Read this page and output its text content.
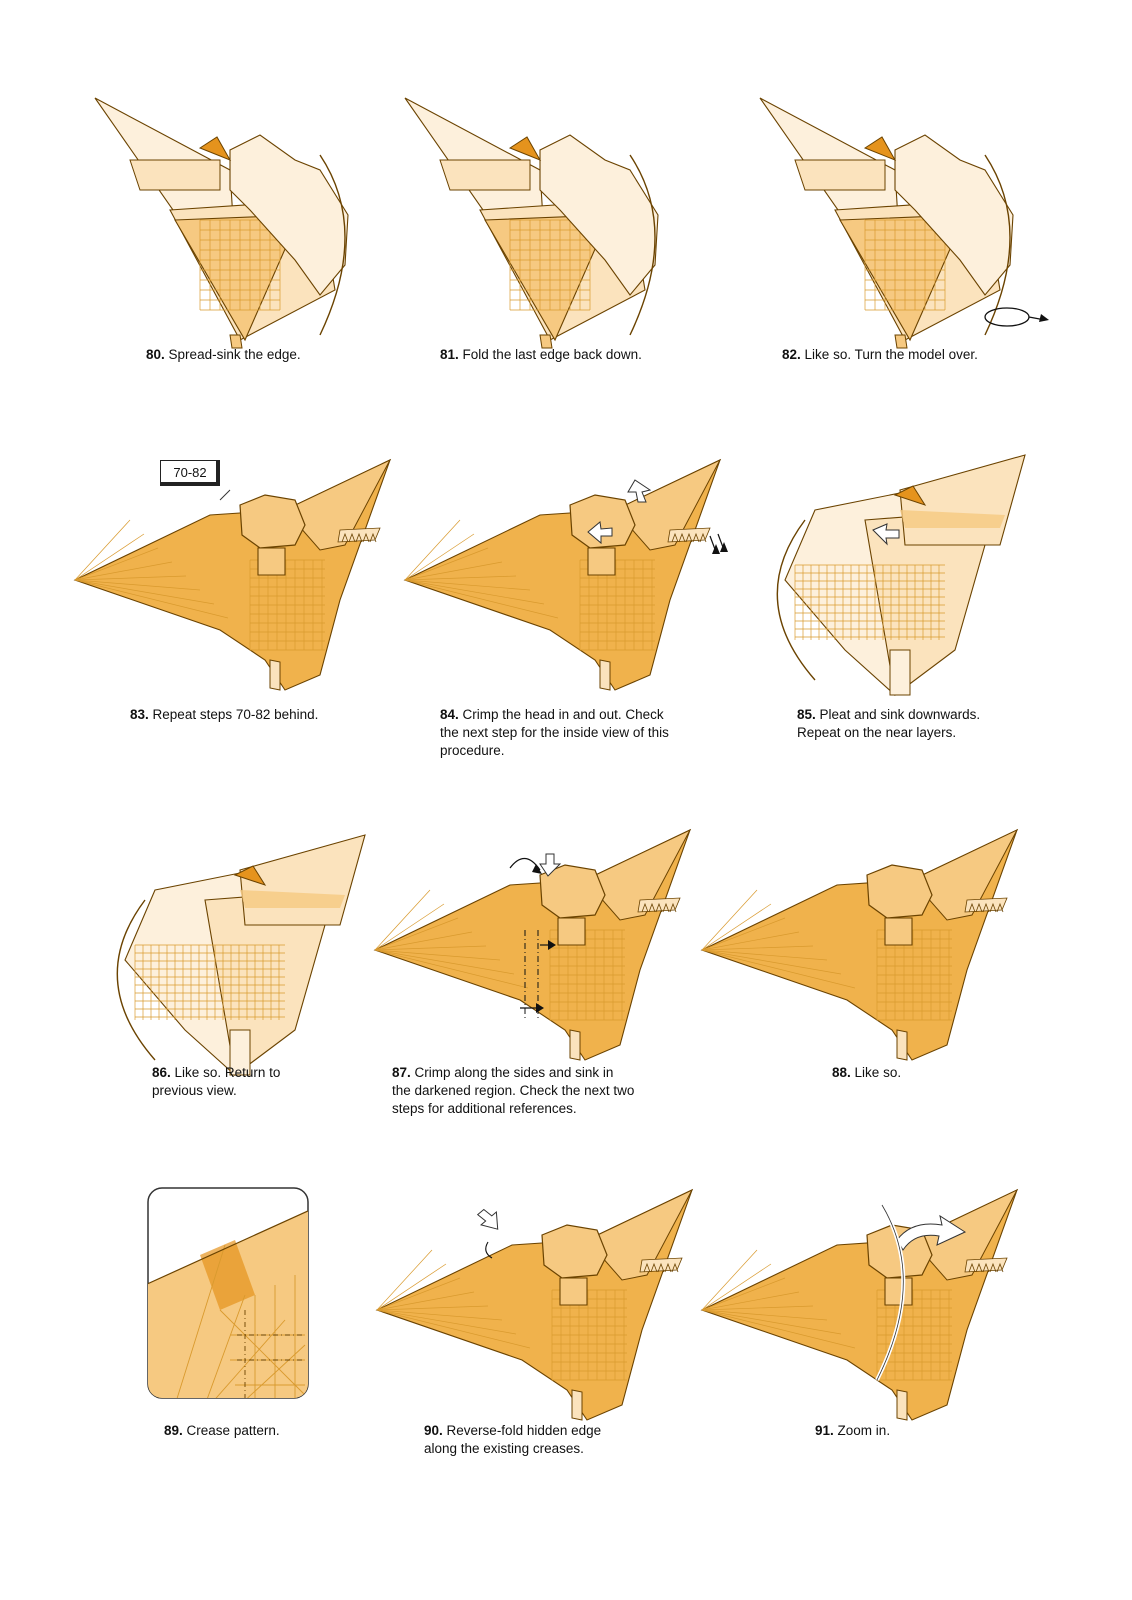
80. Spread-sink the edge.	81. Fold the last edge back down.	82. Like so. Turn the model over.
70-82
83. Repeat steps 70-82 behind.	84. Crimp the head in and out. Check
the next step for the inside view of this
procedure.
85. Pleat and sink downwards.
Repeat on the near layers.
86. Like so. Return to
previous view.
87. Crimp along the sides and sink in
the darkened region. Check the next two
steps for additional references.
88. Like so.
89. Crease pattern.	90. Reverse-fold hidden edge
along the existing creases.
91. Zoom in.
